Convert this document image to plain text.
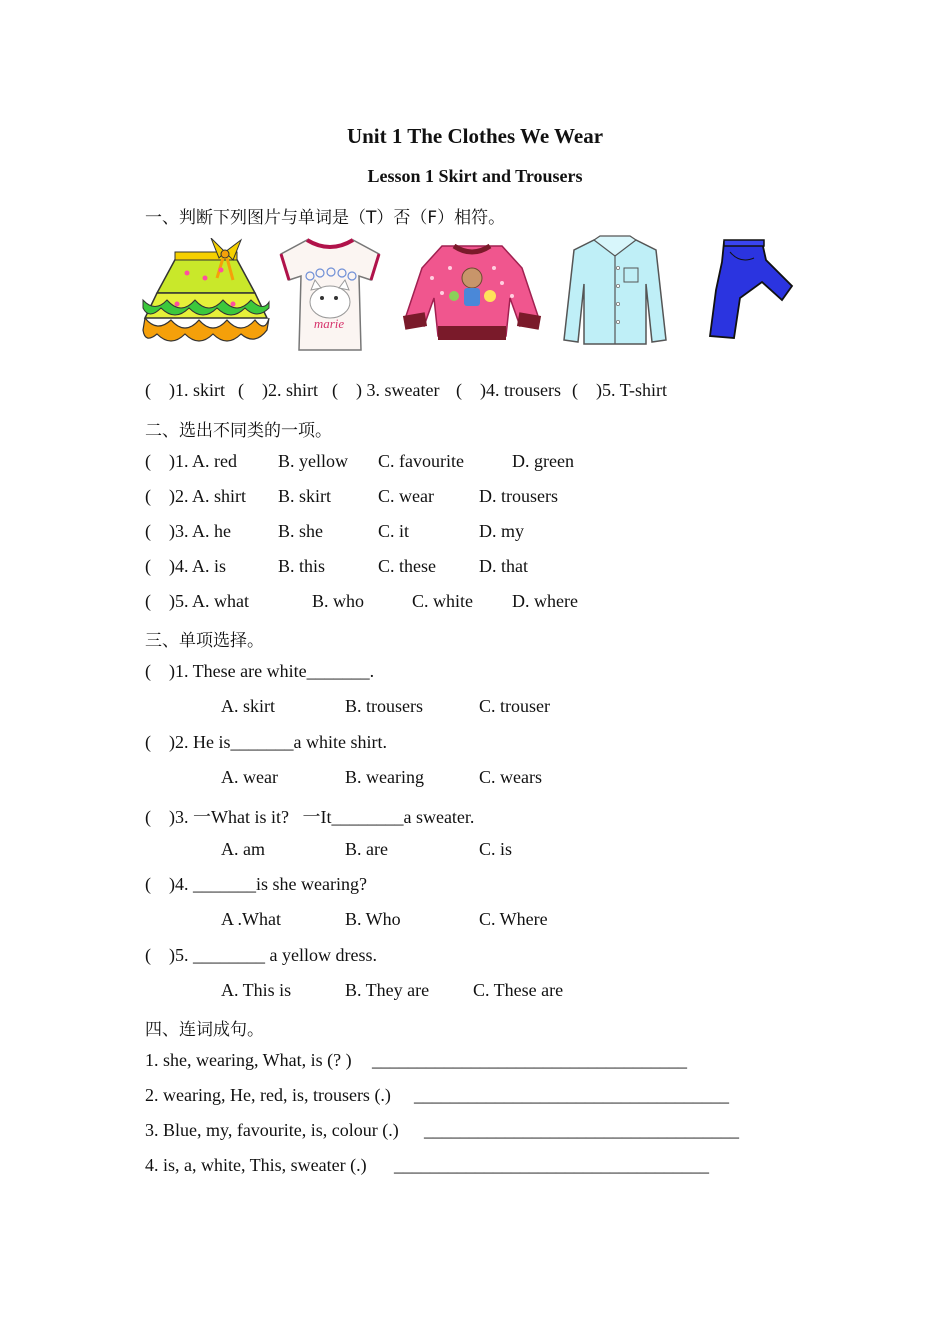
Unit 1 The Clothes We Wear
Lesson 1 Skirt and Trousers
一、判断下列图片与单词是（T）否（F）相符。
marie
(    )1. skirt (    )2. shirt (    ) 3. sweater (    )4. trousers (    )5. T-shirt
二、选出不同类的一项。
(    )1. A. red B. yellow C. favourite	D. green
(    )2. A. shirt B. skirt	C. wear	D. trousers
(    )3. A. he	B. she	C. it	D. my
(    )4. A. is	B. this	C. these D. that
(    )5. A. what	B. who	C. white D. where
三、单项选择。
(    )1. These are white_______.
A. skirt	B. trousers	C. trouser
(    )2. He is_______a white shirt.
A. wear	B. wearing	C. wears
(    )3. 一What is it?   一It________a sweater.
A. am	B. are	C. is
(    )4. _______is she wearing?
A .What	B. Who	C. Where
(    )5. ________ a yellow dress.
A. This is	B. They are C. These are
四、连词成句。
1. she, wearing, What, is (? ) ___________________________________
2. wearing, He, red, is, trousers (.) ___________________________________
3. Blue, my, favourite, is, colour (.) ___________________________________
4. is, a, white, This, sweater (.) ___________________________________
